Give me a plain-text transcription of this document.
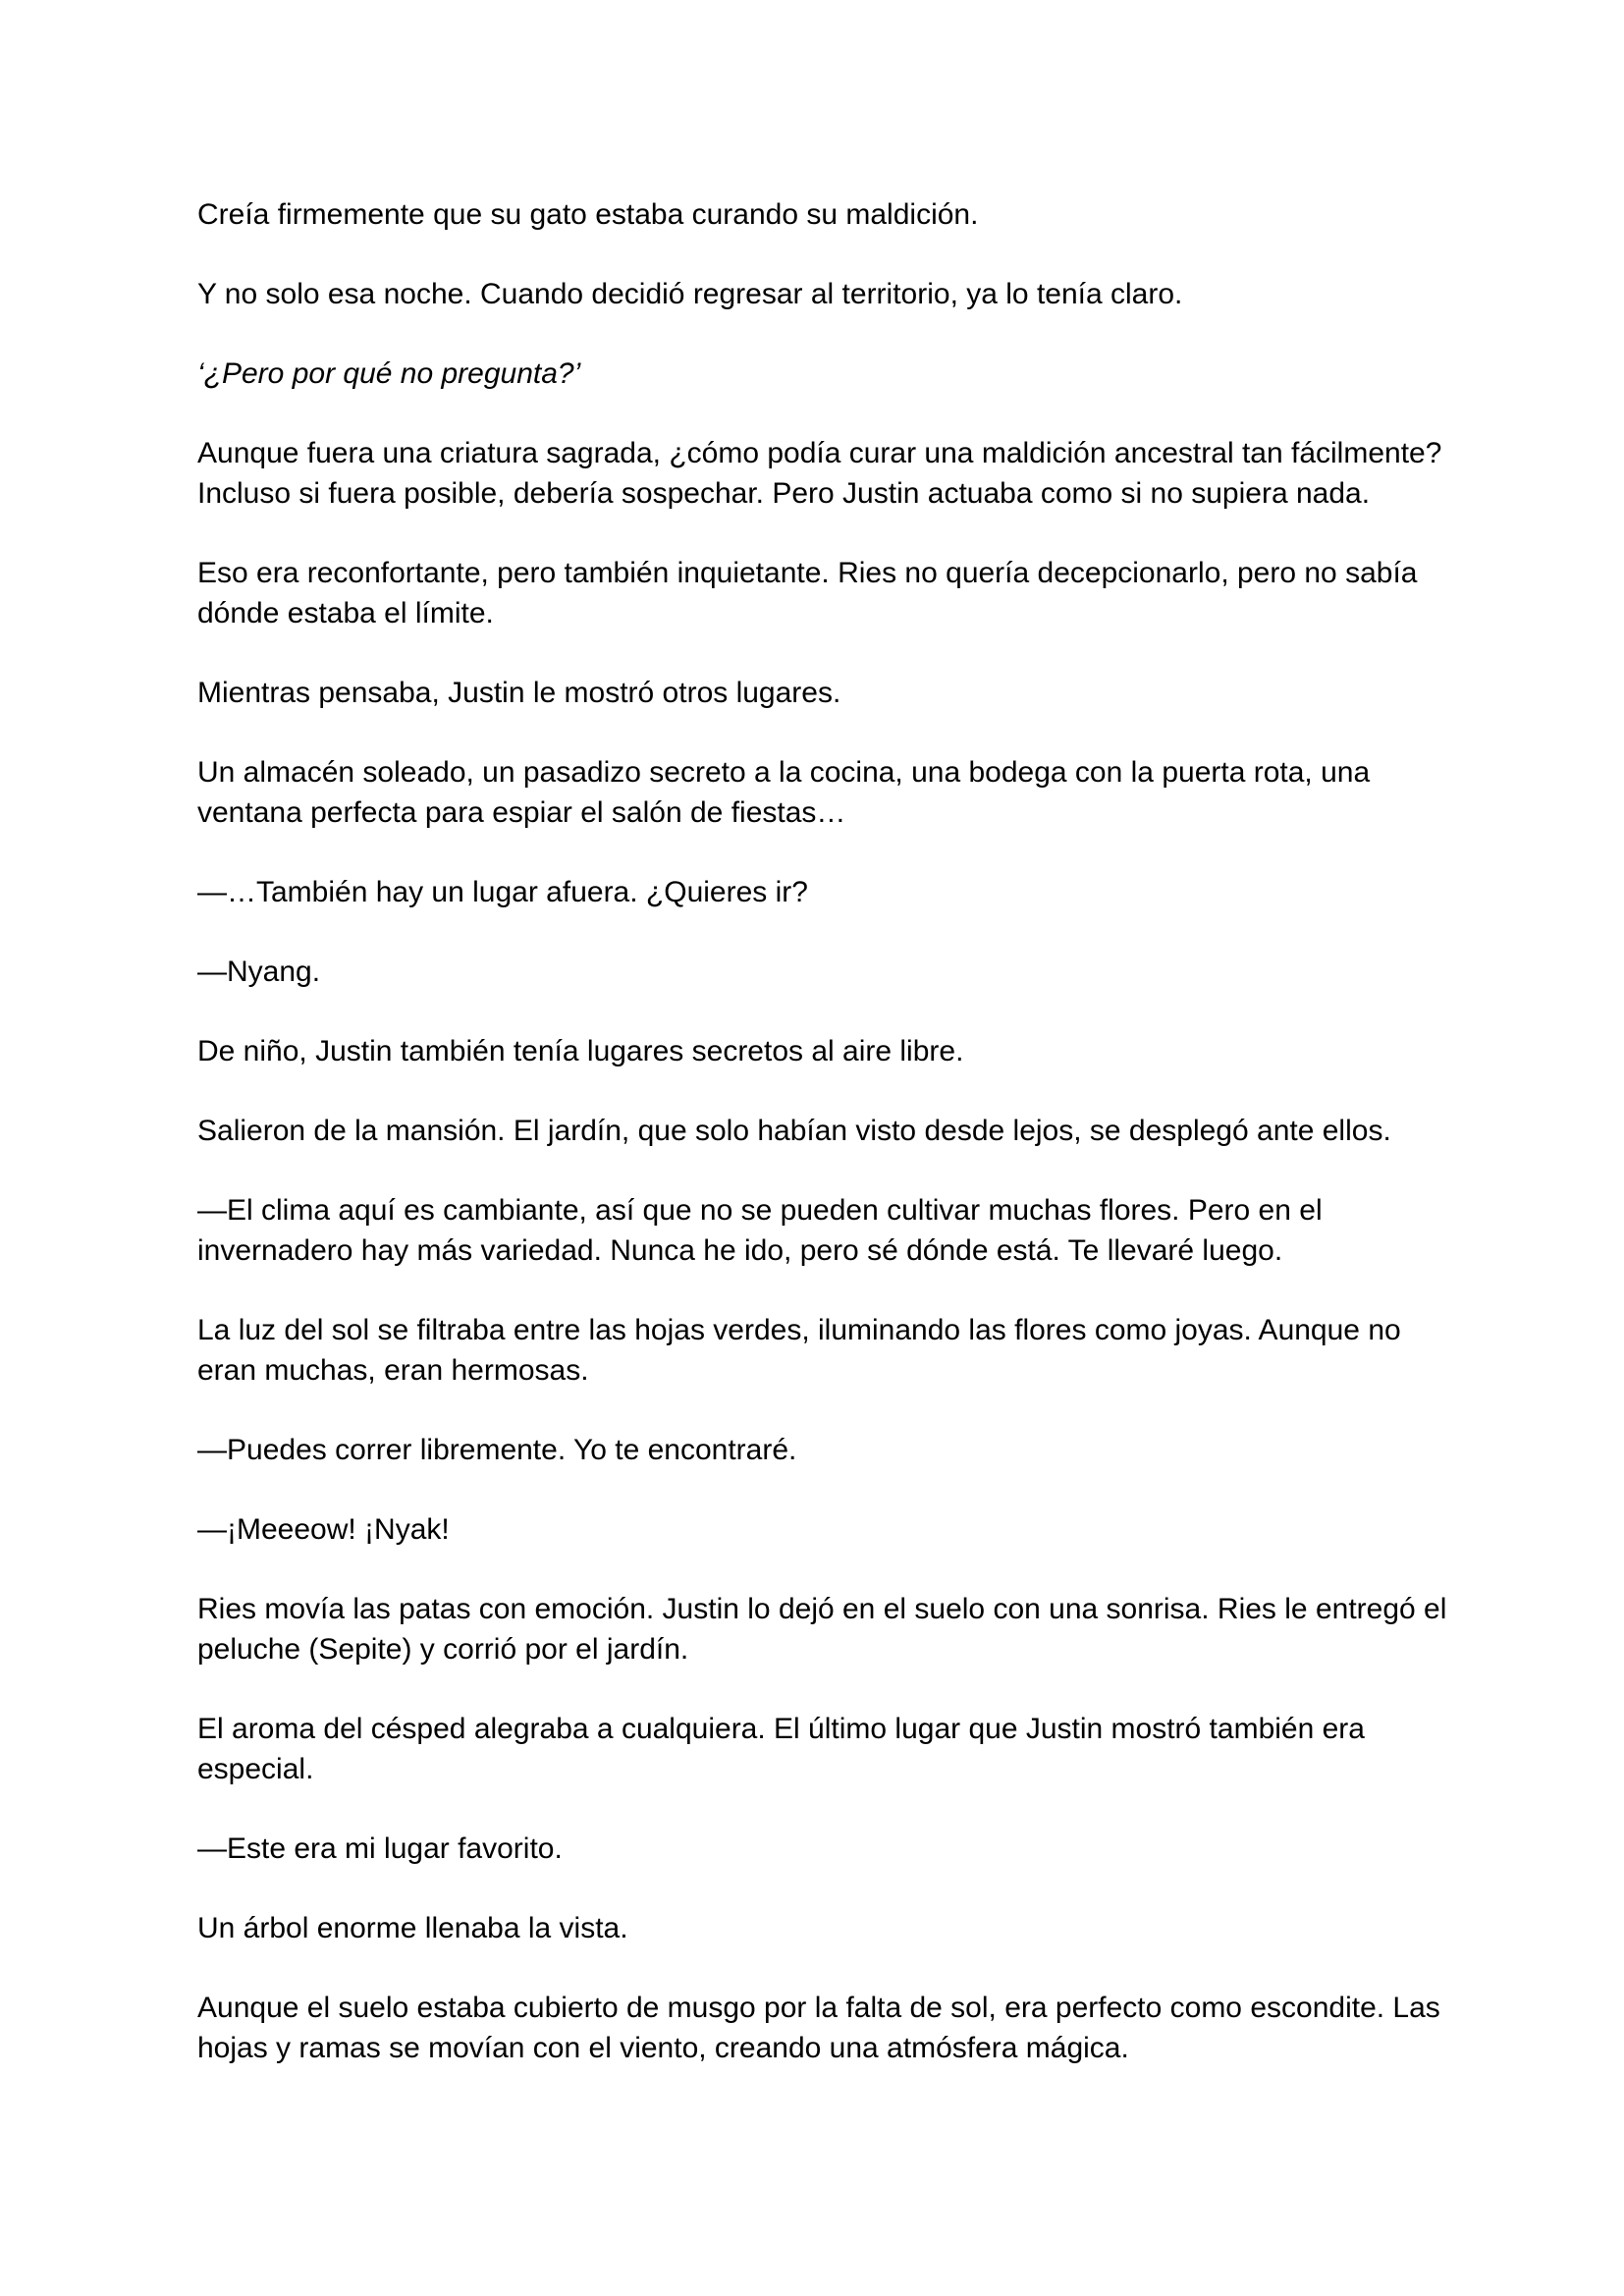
Creía firmemente que su gato estaba curando su maldición.

Y no solo esa noche. Cuando decidió regresar al territorio, ya lo tenía claro.

‘¿Pero por qué no pregunta?’

Aunque fuera una criatura sagrada, ¿cómo podía curar una maldición ancestral tan fácilmente? Incluso si fuera posible, debería sospechar. Pero Justin actuaba como si no supiera nada.

Eso era reconfortante, pero también inquietante. Ries no quería decepcionarlo, pero no sabía dónde estaba el límite.

Mientras pensaba, Justin le mostró otros lugares.

Un almacén soleado, un pasadizo secreto a la cocina, una bodega con la puerta rota, una ventana perfecta para espiar el salón de fiestas…

—…También hay un lugar afuera. ¿Quieres ir?

—Nyang.

De niño, Justin también tenía lugares secretos al aire libre.

Salieron de la mansión. El jardín, que solo habían visto desde lejos, se desplegó ante ellos.

—El clima aquí es cambiante, así que no se pueden cultivar muchas flores. Pero en el invernadero hay más variedad. Nunca he ido, pero sé dónde está. Te llevaré luego.

La luz del sol se filtraba entre las hojas verdes, iluminando las flores como joyas. Aunque no eran muchas, eran hermosas.

—Puedes correr libremente. Yo te encontraré.

—¡Meeeow! ¡Nyak!

Ries movía las patas con emoción. Justin lo dejó en el suelo con una sonrisa. Ries le entregó el peluche (Sepite) y corrió por el jardín.

El aroma del césped alegraba a cualquiera. El último lugar que Justin mostró también era especial.

—Este era mi lugar favorito.

Un árbol enorme llenaba la vista.

Aunque el suelo estaba cubierto de musgo por la falta de sol, era perfecto como escondite. Las hojas y ramas se movían con el viento, creando una atmósfera mágica.
